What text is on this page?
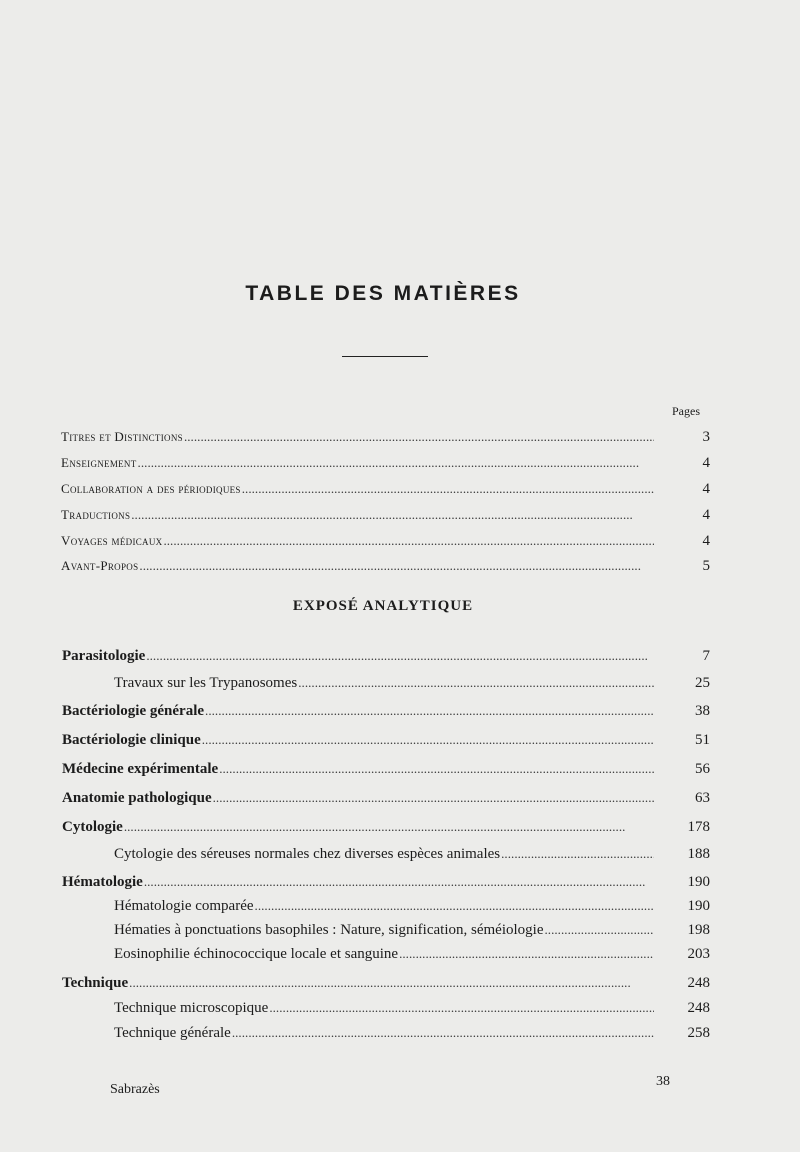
TABLE DES MATIÈRES
Pages
Titres et Distinctions . . .	3
Enseignement . . .	4
Collaboration a des périodiques . . .	4
Traductions . . .	4
Voyages médicaux . . .	4
Avant-Propos . . .	5
EXPOSÉ ANALYTIQUE
Parasitologie . . .	7
Travaux sur les Trypanosomes . . .	25
Bactériologie générale . . .	38
Bactériologie clinique . . .	51
Médecine expérimentale . . .	56
Anatomie pathologique . . .	63
Cytologie . . .	178
Cytologie des séreuses normales chez diverses espèces animales . . .	188
Hématologie . . .	190
Hématologie comparée . . .	190
Hématies à ponctuations basophiles : Nature, signification, séméiologie . . .	198
Eosinophilie échinococcique locale et sanguine . . .	203
Technique . . .	248
Technique microscopique . . .	248
Technique générale . . .	258
Sabrazès
38
